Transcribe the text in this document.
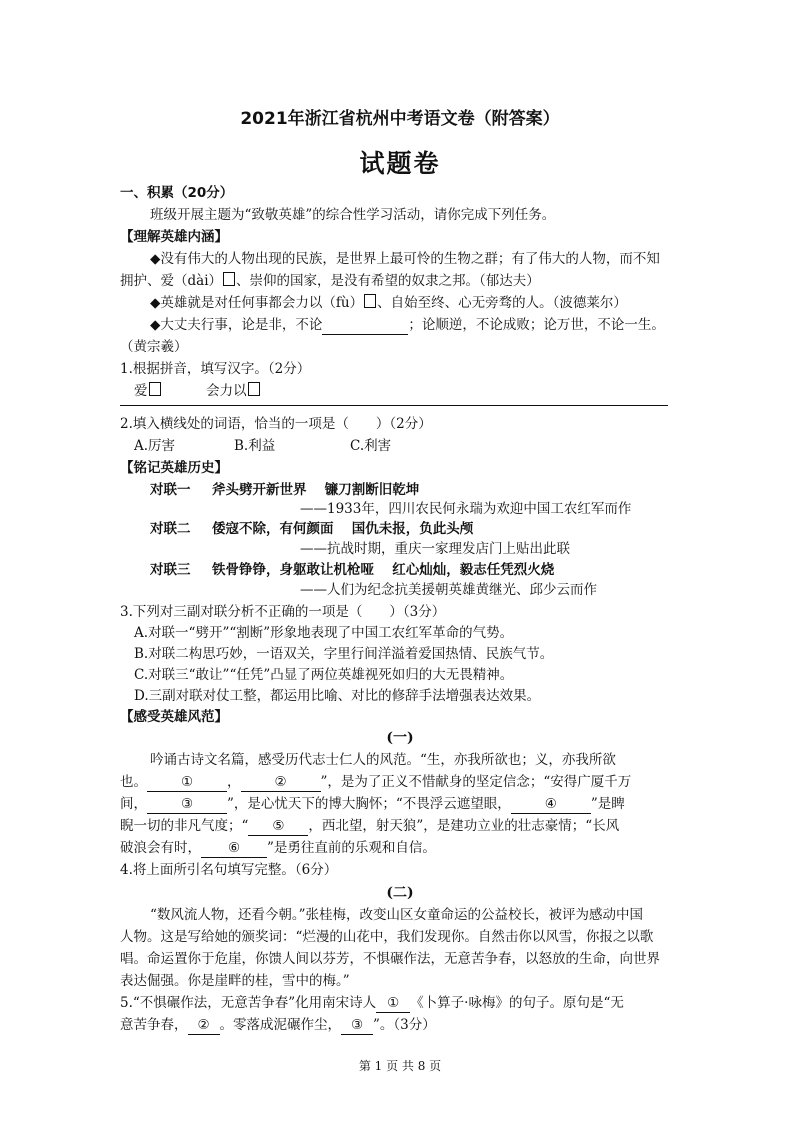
2021年浙江省杭州中考语文卷（附答案）
试题卷
一、积累（20分）
班级开展主题为“致敬英雄”的综合性学习活动，请你完成下列任务。
【理解英雄内涵】
◆没有伟大的人物出现的民族，是世界上最可怜的生物之群；有了伟大的人物，而不知
拥护、爱（dài） 、崇仰的国家，是没有希望的奴隶之邦。（郁达夫）
◆英雄就是对任何事都会力以（fù） 、自始至终、心无旁骛的人。（波德莱尔）
◆大丈夫行事，论是非，不论	；论顺逆，不论成败；论万世，不论一生。
（黄宗羲）
1.根据拼音，填写汉字。（2分）
爱	会力以
2.填入横线处的词语，恰当的一项是（　　）（2分）
A.厉害	B.利益	C.利害
【铭记英雄历史】
对联一 斧头劈开新世界　 镰刀割断旧乾坤
——1933年，四川农民何永瑞为欢迎中国工农红军而作
对联二 倭寇不除，有何颜面　 国仇未报，负此头颅
——抗战时期，重庆一家理发店门上贴出此联
对联三 铁骨铮铮，身躯敢让机枪哑　 红心灿灿，毅志任凭烈火烧
——人们为纪念抗美援朝英雄黄继光、邱少云而作
3.下列对三副对联分析不正确的一项是（　　）（3分）
A.对联一“劈开”“割断”形象地表现了中国工农红军革命的气势。
B.对联二构思巧妙，一语双关，字里行间洋溢着爱国热情、民族气节。
C.对联三“敢让”“任凭”凸显了两位英雄视死如归的大无畏精神。
D.三副对联对仗工整，都运用比喻、对比的修辞手法增强表达效果。
【感受英雄风范】
(一)
吟诵古诗文名篇，感受历代志士仁人的风范。“生，亦我所欲也；义，亦我所欲
也。	①	，	②	”，是为了正义不惜献身的坚定信念；“安得广厦千万
间，	③	”，是心忧天下的博大胸怀；“不畏浮云遮望眼，	④	”是睥
睨一切的非凡气度；“ ⑤ ，西北望，射天狼”，是建功立业的壮志豪情；“长风
破浪会有时， ⑥ ”是勇往直前的乐观和自信。
4.将上面所引名句填写完整。（6分）
(二)
“数风流人物，还看今朝。”张桂梅，改变山区女童命运的公益校长，被评为感动中国
人物。这是写给她的颁奖词：“烂漫的山花中，我们发现你。自然击你以风雪，你报之以歌
唱。命运置你于危崖，你馈人间以芬芳，不惧碾作法，无意苦争春，以怒放的生命，向世界
表达倔强。你是崖畔的桂，雪中的梅。”
5.“不惧碾作法，无意苦争春”化用南宋诗人 ① 《卜算子·咏梅》的句子。原句是“无
意苦争春， ② 。零落成泥碾作尘， ③ ”。（3分）
第 1 页 共 8 页
